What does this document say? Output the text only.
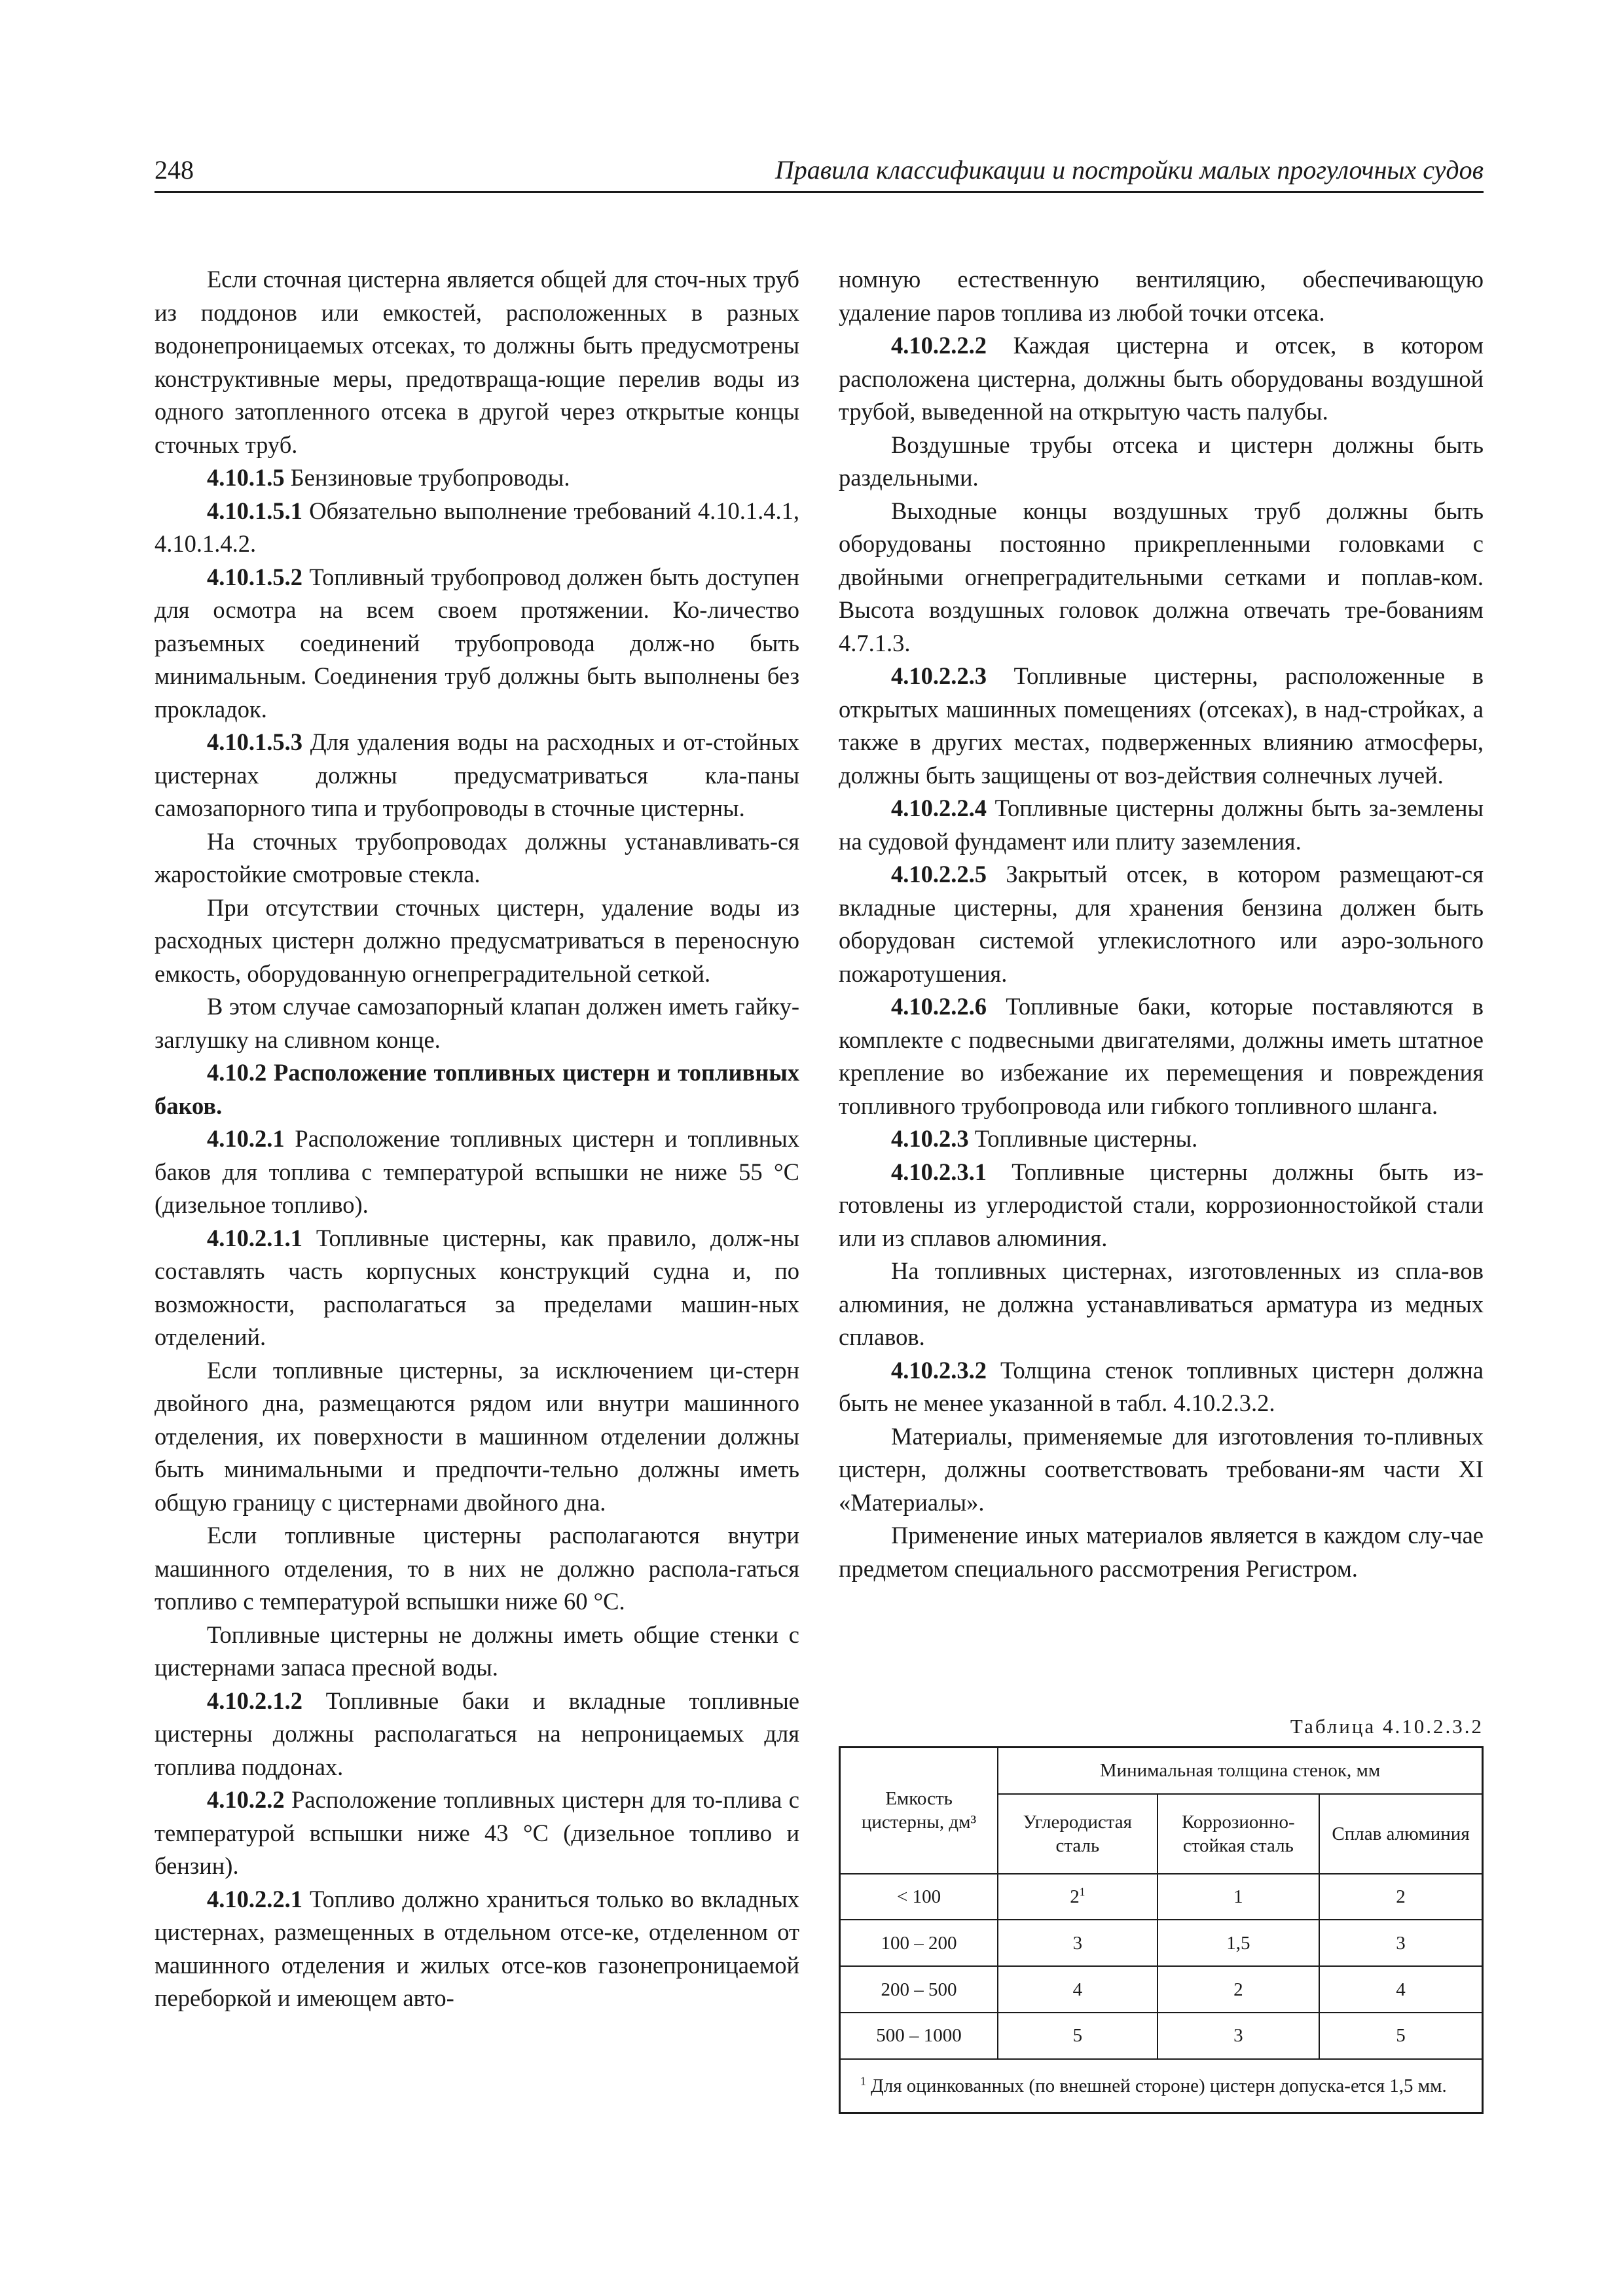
248	Правила классификации и постройки малых прогулочных судов

Если сточная цистерна является общей для сточ-ных труб из поддонов или емкостей, расположенных в разных водонепроницаемых отсеках, то должны быть предусмотрены конструктивные меры, предотвраща-ющие перелив воды из одного затопленного отсека в другой через открытые концы сточных труб.

4.10.1.5 Бензиновые трубопроводы.

4.10.1.5.1 Обязательно выполнение требований 4.10.1.4.1, 4.10.1.4.2.

4.10.1.5.2 Топливный трубопровод должен быть доступен для осмотра на всем своем протяжении. Ко-личество разъемных соединений трубопровода долж-но быть минимальным. Соединения труб должны быть выполнены без прокладок.

4.10.1.5.3 Для удаления воды на расходных и от-стойных цистернах должны предусматриваться кла-паны самозапорного типа и трубопроводы в сточные цистерны.

На сточных трубопроводах должны устанавливать-ся жаростойкие смотровые стекла.

При отсутствии сточных цистерн, удаление воды из расходных цистерн должно предусматриваться в переносную емкость, оборудованную огнепреградительной сеткой.

В этом случае самозапорный клапан должен иметь гайку-заглушку на сливном конце.

4.10.2 Расположение топливных цистерн и топливных баков.

4.10.2.1 Расположение топливных цистерн и топливных баков для топлива с температурой вспышки не ниже 55 °С (дизельное топливо).

4.10.2.1.1 Топливные цистерны, как правило, долж-ны составлять часть корпусных конструкций судна и, по возможности, располагаться за пределами машин-ных отделений.

Если топливные цистерны, за исключением ци-стерн двойного дна, размещаются рядом или внутри машинного отделения, их поверхности в машинном отделении должны быть минимальными и предпочти-тельно должны иметь общую границу с цистернами двойного дна.

Если топливные цистерны располагаются внутри машинного отделения, то в них не должно распола-гаться топливо с температурой вспышки ниже 60 °С.

Топливные цистерны не должны иметь общие стенки с цистернами запаса пресной воды.

4.10.2.1.2 Топливные баки и вкладные топливные цистерны должны располагаться на непроницаемых для топлива поддонах.

4.10.2.2 Расположение топливных цистерн для то-плива с температурой вспышки ниже 43 °С (дизельное топливо и бензин).

4.10.2.2.1 Топливо должно храниться только во вкладных цистернах, размещенных в отдельном отсе-ке, отделенном от машинного отделения и жилых отсе-ков газонепроницаемой переборкой и имеющем авто-

номную естественную вентиляцию, обеспечивающую удаление паров топлива из любой точки отсека.

4.10.2.2.2 Каждая цистерна и отсек, в котором расположена цистерна, должны быть оборудованы воздушной трубой, выведенной на открытую часть палубы.

Воздушные трубы отсека и цистерн должны быть раздельными.

Выходные концы воздушных труб должны быть оборудованы постоянно прикрепленными головками с двойными огнепреградительными сетками и поплав-ком. Высота воздушных головок должна отвечать тре-бованиям 4.7.1.3.

4.10.2.2.3 Топливные цистерны, расположенные в открытых машинных помещениях (отсеках), в над-стройках, а также в других местах, подверженных влиянию атмосферы, должны быть защищены от воз-действия солнечных лучей.

4.10.2.2.4 Топливные цистерны должны быть за-землены на судовой фундамент или плиту заземления.

4.10.2.2.5 Закрытый отсек, в котором размещают-ся вкладные цистерны, для хранения бензина должен быть оборудован системой углекислотного или аэро-зольного пожаротушения.

4.10.2.2.6 Топливные баки, которые поставляются в комплекте с подвесными двигателями, должны иметь штатное крепление во избежание их перемещения и повреждения топливного трубопровода или гибкого топливного шланга.

4.10.2.3 Топливные цистерны.

4.10.2.3.1 Топливные цистерны должны быть из-готовлены из углеродистой стали, коррозионностойкой стали или из сплавов алюминия.

На топливных цистернах, изготовленных из спла-вов алюминия, не должна устанавливаться арматура из медных сплавов.

4.10.2.3.2 Толщина стенок топливных цистерн должна быть не менее указанной в табл. 4.10.2.3.2.

Материалы, применяемые для изготовления то-пливных цистерн, должны соответствовать требовани-ям части XI «Материалы».

Применение иных материалов является в каждом слу-чае предметом специального рассмотрения Регистром.

Таблица 4.10.2.3.2
Емкость цистерны, дм³	Минимальная толщина стенок, мм		
	Углеродистая сталь	Коррозионно-стойкая сталь	Сплав алюминия
< 100	$2^1$	1	2
100 – 200	3	1,5	3
200 – 500	4	2	4
500 – 1000	5	3	5
$^1$ Для оцинкованных (по внешней стороне) цистерн допуска-ется 1,5 мм.			
